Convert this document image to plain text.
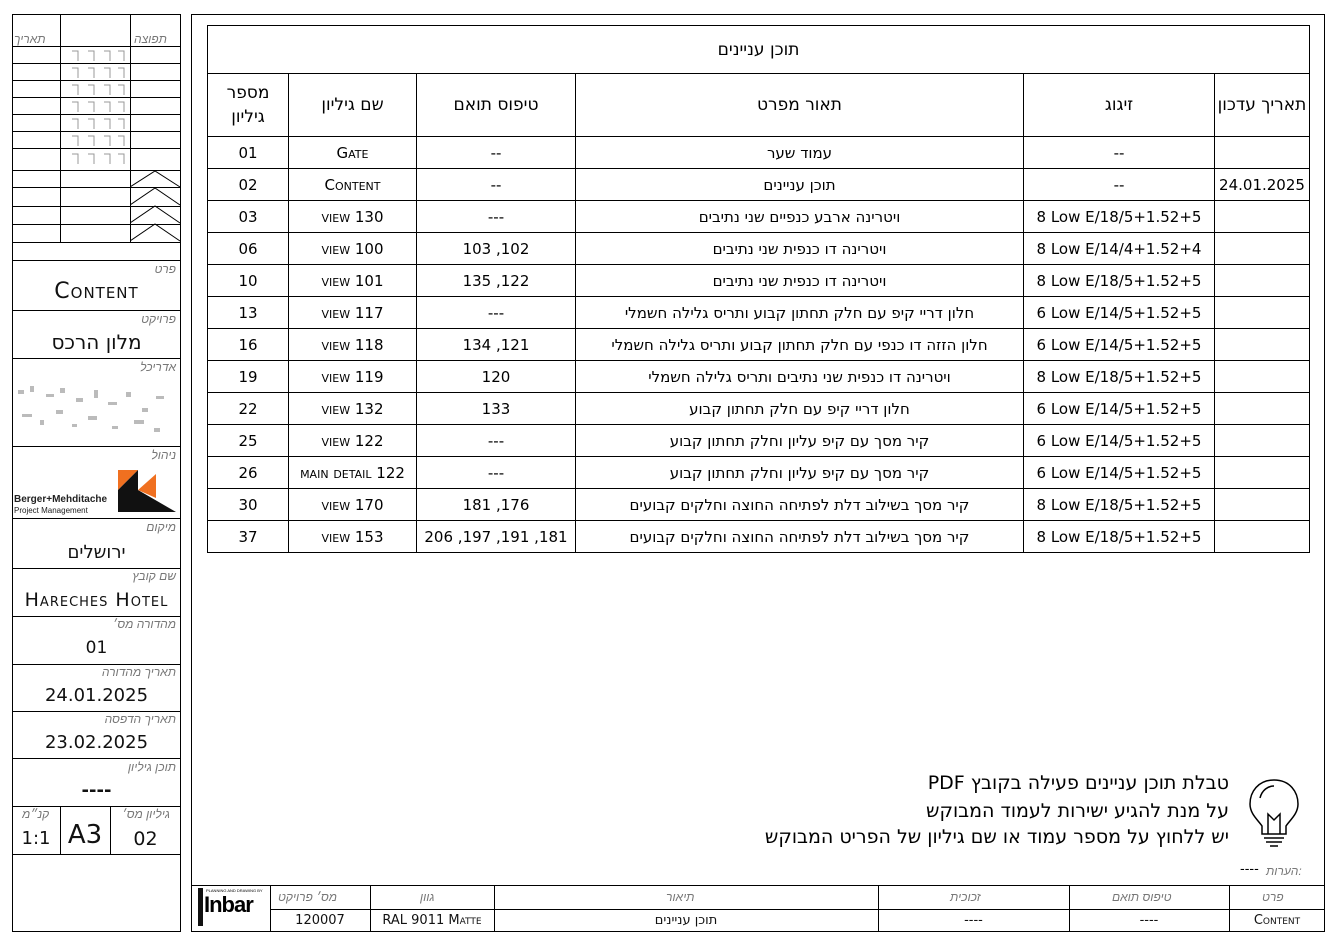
תאריך	תפוצה
פרט
Content
פרויקט
מלון הרכס
אדריכל
ניהול
Berger+Mehditache
Project Management
מיקום
ירושלים
שם קובץ
Hareches Hotel
מהדורה מס׳
01
תאריך מהדורה
24.01.2025
תאריך הדפסה
23.02.2025
תוכן גיליון
----
קנ״מ
1:1 A3
גיליון מס׳
02
תוכן עניינים					
תאריך עדכון	זיגוג	תאור מפרט	טיפוס תואם	שם גיליון	מספר גיליון
	--	עמוד שער	--	Gate	01
24.01.2025	--	תוכן עניינים	--	Content	02
	8 Low E/18/5+1.52+5	ויטרינה ארבע כנפיים שני נתיבים	---	130 view	03
	8 Low E/14/4+1.52+4	ויטרינה דו כנפית שני נתיבים	102, 103	100 view	06
	8 Low E/18/5+1.52+5	ויטרינה דו כנפית שני נתיבים	122, 135	101 view	10
	6 Low E/14/5+1.52+5	חלון דריי קיפ עם חלק תחתון קבוע ותריס גלילה חשמלי	---	117 view	13
	6 Low E/14/5+1.52+5	חלון הזזה דו כנפי עם חלק תחתון קבוע ותריס גלילה חשמלי	121, 134	118 view	16
	8 Low E/18/5+1.52+5	ויטרינה דו כנפית שני נתיבים ותריס גלילה חשמלי	120	119 view	19
	6 Low E/14/5+1.52+5	חלון דריי קיפ עם חלק תחתון קבוע	133	132 view	22
	6 Low E/14/5+1.52+5	קיר מסך עם קיפ עליון וחלק תחתון קבוע	---	122 view	25
	6 Low E/14/5+1.52+5	קיר מסך עם קיפ עליון וחלק תחתון קבוע	---	122 main detail	26
	8 Low E/18/5+1.52+5	קיר מסך בשילוב דלת לפתיחה החוצה וחלקים קבועים	176, 181	170 view	30
	8 Low E/18/5+1.52+5	קיר מסך בשילוב דלת לפתיחה החוצה וחלקים קבועים	181, 191, 197, 206	153 view	37
טבלת תוכן עניינים פעילה בקובץ PDF
על מנת להגיע ישירות לעמוד המבוקש
יש ללחוץ על מספר עמוד או שם גיליון של הפריט המבוקש
הערות:
----
PLANNING AND DRAWING BY
Inbar מס׳ פרויקט
120007
גוון
RAL 9011 Matte
תיאור
תוכן עניינים
זכוכית
----
טיפוס תואם
----
פרט
Content
